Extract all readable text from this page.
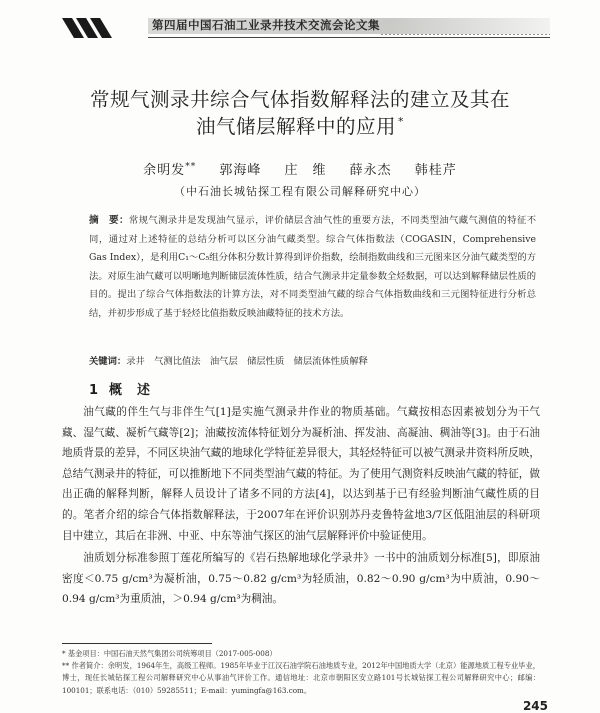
第四届中国石油工业录井技术交流会论文集
常规气测录井综合气体指数解释法的建立及其在
油气储层解释中的应用 *
余明发** 郭海峰 庄　维 薛永杰 韩桂芹
（中石油长城钻探工程有限公司解释研究中心）
摘　要：常规气测录井是发现油气显示，评价储层含油气性的重要方法，不同类型油气藏气测值的特征不同，通过对上述特征的总结分析可以区分油气藏类型。综合气体指数法（COGASIN，Comprehensive Gas Index），是利用C₁～C₅组分体积分数计算得到评价指数，绘制指数曲线和三元图来区分油气藏类型的方法。对原生油气藏可以明晰地判断储层流体性质，结合气测录井定量参数全烃数据，可以达到解释储层性质的目的。提出了综合气体指数法的计算方法，对不同类型油气藏的综合气体指数曲线和三元图特征进行分析总结，并初步形成了基于轻烃比值指数反映油藏特征的技术方法。
关键词：录井　气测比值法　油气层　储层性质　储层流体性质解释
1 概　述
油气藏的伴生气与非伴生气[1]是实施气测录井作业的物质基础。气藏按相态因素被划分为干气藏、湿气藏、凝析气藏等[2]；油藏按流体特征划分为凝析油、挥发油、高凝油、稠油等[3]。由于石油地质背景的差异，不同区块油气藏的地球化学特征差异很大，其轻烃特征可以被气测录井资料所反映，总结气测录井的特征，可以推断地下不同类型油气藏的特征。为了使用气测资料反映油气藏的特征，做出正确的解释判断，解释人员设计了诸多不同的方法[4]，以达到基于已有经验判断油气藏性质的目的。笔者介绍的综合气体指数解释法，于2007年在评价识别苏丹麦鲁特盆地3/7区低阻油层的科研项目中建立，其后在非洲、中亚、中东等油气探区的油气层解释评价中验证使用。
油质划分标准参照丁莲花所编写的《岩石热解地球化学录井》一书中的油质划分标准[5]，即原油密度＜0.75 g/cm³为凝析油，0.75～0.82 g/cm³为轻质油，0.82～0.90 g/cm³为中质油，0.90～0.94 g/cm³为重质油，＞0.94 g/cm³为稠油。
* 基金项目：中国石油天然气集团公司统筹项目（2017-005-008）
** 作者简介：余明发，1964年生，高级工程师。1985年毕业于江汉石油学院石油地质专业，2012年中国地质大学（北京）能源地质工程专业毕业，博士，现任长城钻探工程公司解释研究中心从事油气评价工作。通信地址：北京市朝阳区安立路101号长城钻探工程公司解释研究中心；邮编：100101；联系电话：（010）59285511；E-mail：yumingfa@163.com。
245
